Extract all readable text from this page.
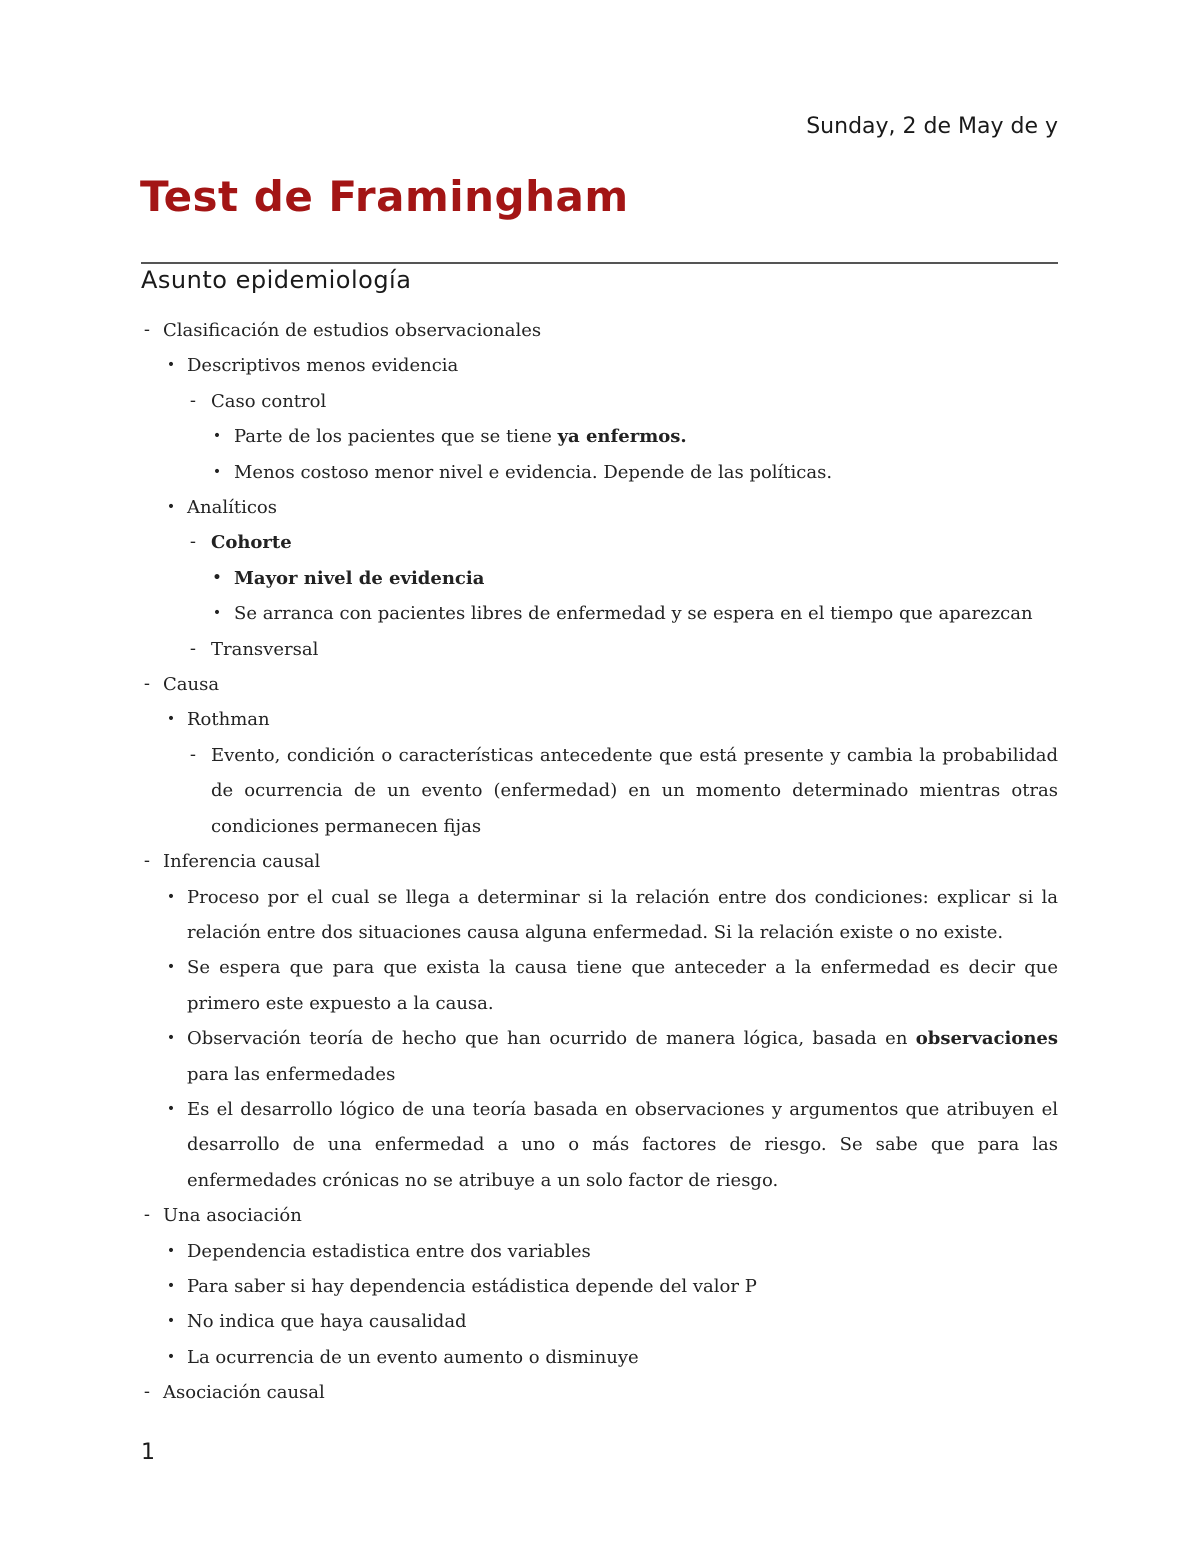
Sunday, 2 de May de y
Test de Framingham
Asunto epidemiología
- Clasificación de estudios observacionales
• Descriptivos menos evidencia
- Caso control
• Parte de los pacientes que se tiene ya enfermos.
• Menos costoso menor nivel e evidencia. Depende de las políticas.
• Analíticos
- Cohorte
• Mayor nivel de evidencia
• Se arranca con pacientes libres de enfermedad y se espera en el tiempo que aparezcan
- Transversal
- Causa
• Rothman
- Evento, condición o características antecedente que está presente y cambia la probabilidad de ocurrencia de un evento (enfermedad) en un momento determinado mientras otras condiciones permanecen fijas
- Inferencia causal
• Proceso por el cual se llega a determinar si la relación entre dos condiciones: explicar si la relación entre dos situaciones causa alguna enfermedad. Si la relación existe o no existe.
• Se espera que para que exista la causa tiene que anteceder a la enfermedad es decir que primero este expuesto a la causa.
• Observación teoría de hecho que han ocurrido de manera lógica, basada en observaciones para las enfermedades
• Es el desarrollo lógico de una teoría basada en observaciones y argumentos que atribuyen el desarrollo de una enfermedad a uno o más factores de riesgo. Se sabe que para las enfermedades crónicas no se atribuye a un solo factor de riesgo.
- Una asociación
• Dependencia estadistica entre dos variables
• Para saber si hay dependencia estádistica depende del valor P
• No indica que haya causalidad
• La ocurrencia de un evento aumento o disminuye
- Asociación causal
1
